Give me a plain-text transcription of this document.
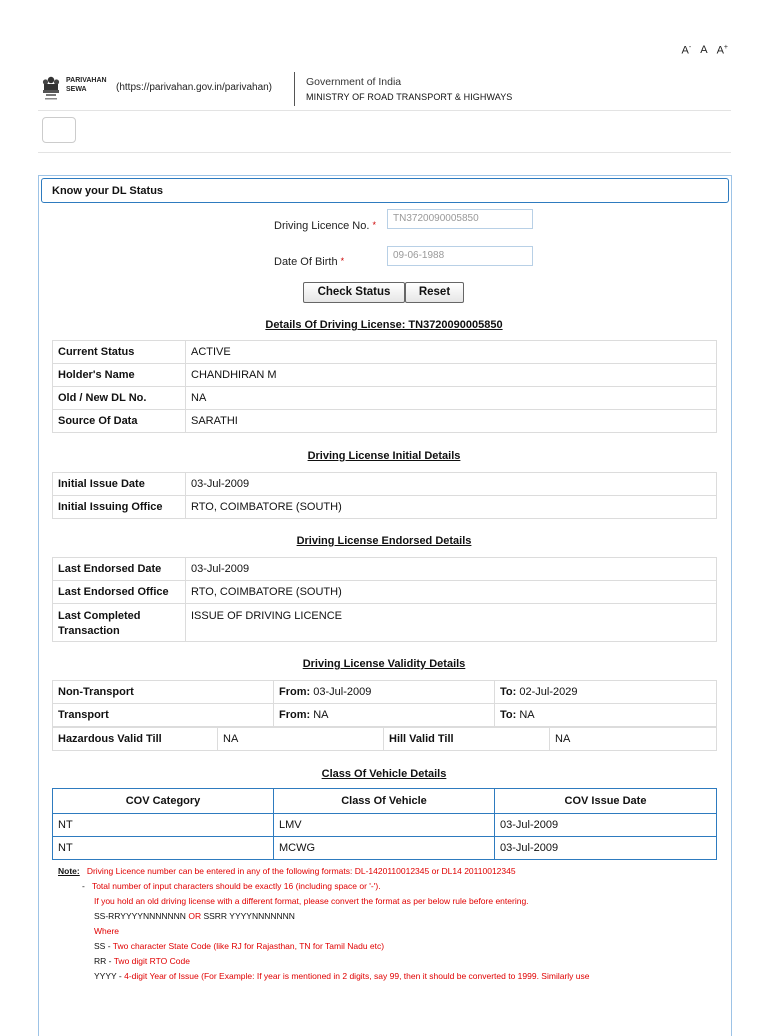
A- A A+
PARIVAHAN
SEWA	(https://parivahan.gov.in/parivahan)	Government of India
MINISTRY OF ROAD TRANSPORT & HIGHWAYS
Know your DL Status
Driving Licence No. *
TN3720090005850
Date Of Birth *	09-06-1988
Check Status	Reset
Details Of Driving License: TN3720090005850
Current Status	ACTIVE
Holder's Name	CHANDHIRAN M
Old / New DL No.	NA
Source Of Data	SARATHI
Driving License Initial Details
Initial Issue Date	03-Jul-2009
Initial Issuing Office	RTO, COIMBATORE (SOUTH)
Driving License Endorsed Details
Last Endorsed Date	03-Jul-2009
Last Endorsed Office	RTO, COIMBATORE (SOUTH)
Last Completed Transaction	ISSUE OF DRIVING LICENCE
Driving License Validity Details
Non-Transport	From: 03-Jul-2009	To: 02-Jul-2029
Transport	From: NA	To: NA
Hazardous Valid Till	NA	Hill Valid Till	NA
Class Of Vehicle Details
COV Category	Class Of Vehicle	COV Issue Date
NT	LMV	03-Jul-2009
NT	MCWG	03-Jul-2009
Note: Driving Licence number can be entered in any of the following formats: DL-1420110012345 or DL14 20110012345
- Total number of input characters should be exactly 16 (including space or '-').
If you hold an old driving license with a different format, please convert the format as per below rule before entering.
SS-RRYYYYNNNNNNN OR SSRR YYYYNNNNNNN
Where
SS - Two character State Code (like RJ for Rajasthan, TN for Tamil Nadu etc)
RR - Two digit RTO Code
YYYY - 4-digit Year of Issue (For Example: If year is mentioned in 2 digits, say 99, then it should be converted to 1999. Similarly use
